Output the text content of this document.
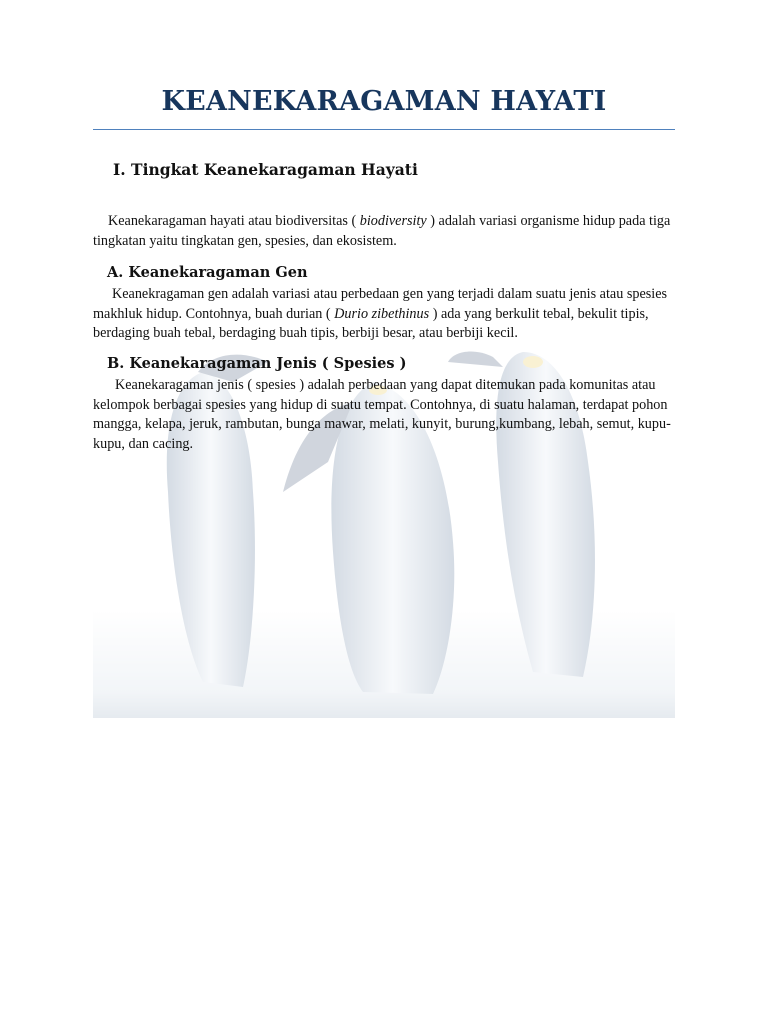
KEANEKARAGAMAN HAYATI
I. Tingkat Keanekaragaman Hayati

Keanekaragaman hayati atau biodiversitas ( biodiversity ) adalah variasi organisme hidup pada tiga tingkatan yaitu tingkatan gen, spesies, dan ekosistem.

A. Keanekaragaman Gen

Keanekragaman gen adalah variasi atau perbedaan gen yang terjadi dalam suatu jenis atau spesies makhluk hidup. Contohnya, buah durian ( Durio zibethinus ) ada yang berkulit tebal, bekulit tipis, berdaging buah tebal, berdaging buah tipis, berbiji besar, atau berbiji kecil.

B. Keanekaragaman Jenis ( Spesies )

Keanekaragaman jenis ( spesies ) adalah perbedaan yang dapat ditemukan pada komunitas atau kelompok berbagai spesies yang hidup di suatu tempat. Contohnya, di suatu halaman, terdapat pohon mangga, kelapa, jeruk, rambutan, bunga mawar, melati, kunyit, burung,kumbang, lebah, semut, kupu-kupu, dan cacing.
